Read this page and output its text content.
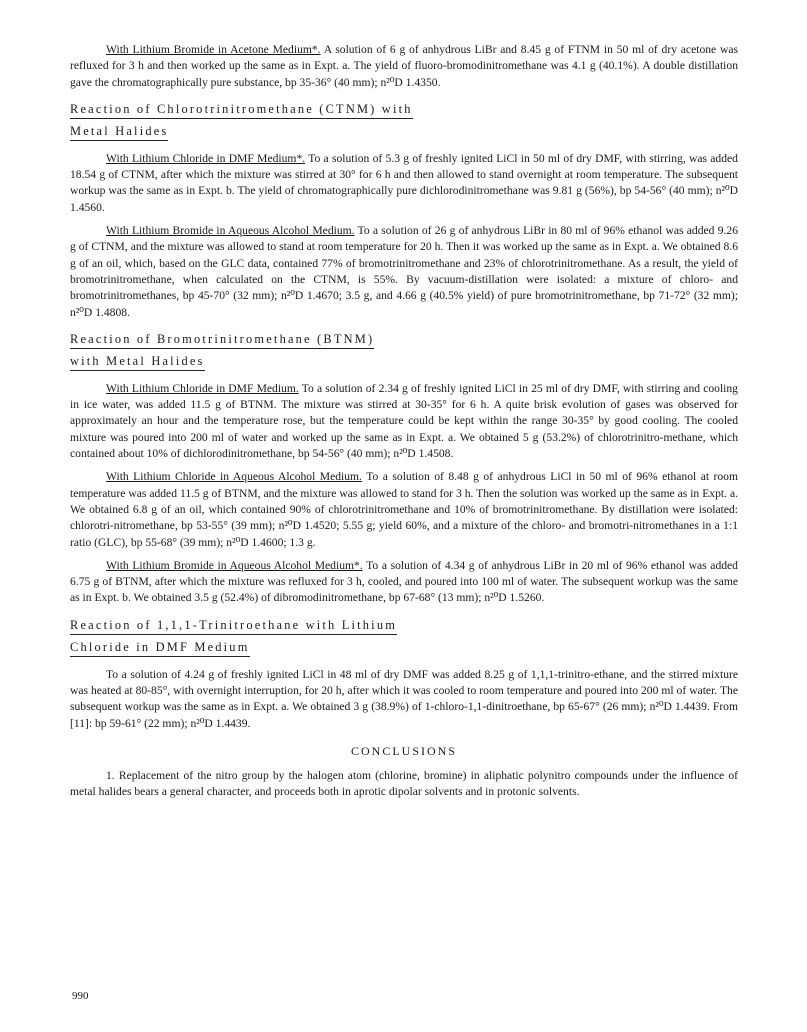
With Lithium Bromide in Acetone Medium*. A solution of 6 g of anhydrous LiBr and 8.45 g of FTNM in 50 ml of dry acetone was refluxed for 3 h and then worked up the same as in Expt. a. The yield of fluoro-bromodinitromethane was 4.1 g (40.1%). A double distillation gave the chromatographically pure substance, bp 35-36° (40 mm); n²⁰D 1.4350.

Reaction of Chlorotrinitromethane (CTNM) with
Metal Halides

With Lithium Chloride in DMF Medium*. To a solution of 5.3 g of freshly ignited LiCl in 50 ml of dry DMF, with stirring, was added 18.54 g of CTNM, after which the mixture was stirred at 30° for 6 h and then allowed to stand overnight at room temperature. The subsequent workup was the same as in Expt. b. The yield of chromatographically pure dichlorodinitromethane was 9.81 g (56%), bp 54-56° (40 mm); n²⁰D 1.4560.

With Lithium Bromide in Aqueous Alcohol Medium. To a solution of 26 g of anhydrous LiBr in 80 ml of 96% ethanol was added 9.26 g of CTNM, and the mixture was allowed to stand at room temperature for 20 h. Then it was worked up the same as in Expt. a. We obtained 8.6 g of an oil, which, based on the GLC data, contained 77% of bromotrinitromethane and 23% of chlorotrinitromethane. As a result, the yield of bromotrinitromethane, when calculated on the CTNM, is 55%. By vacuum-distillation were isolated: a mixture of chloro- and bromotrinitromethanes, bp 45-70° (32 mm); n²⁰D 1.4670; 3.5 g, and 4.66 g (40.5% yield) of pure bromotrinitromethane, bp 71-72° (32 mm); n²⁰D 1.4808.

Reaction of Bromotrinitromethane (BTNM)
with Metal Halides

With Lithium Chloride in DMF Medium. To a solution of 2.34 g of freshly ignited LiCl in 25 ml of dry DMF, with stirring and cooling in ice water, was added 11.5 g of BTNM. The mixture was stirred at 30-35° for 6 h. A quite brisk evolution of gases was observed for approximately an hour and the temperature rose, but the temperature could be kept within the range 30-35° by good cooling. The cooled mixture was poured into 200 ml of water and worked up the same as in Expt. a. We obtained 5 g (53.2%) of chlorotrinitro-methane, which contained about 10% of dichlorodinitromethane, bp 54-56° (40 mm); n²⁰D 1.4508.

With Lithium Chloride in Aqueous Alcohol Medium. To a solution of 8.48 g of anhydrous LiCl in 50 ml of 96% ethanol at room temperature was added 11.5 g of BTNM, and the mixture was allowed to stand for 3 h. Then the solution was worked up the same as in Expt. a. We obtained 6.8 g of an oil, which contained 90% of chlorotrinitromethane and 10% of bromotrinitromethane. By distillation were isolated: chlorotri-nitromethane, bp 53-55° (39 mm); n²⁰D 1.4520; 5.55 g; yield 60%, and a mixture of the chloro- and bromotri-nitromethanes in a 1:1 ratio (GLC), bp 55-68° (39 mm); n²⁰D 1.4600; 1.3 g.

With Lithium Bromide in Aqueous Alcohol Medium*. To a solution of 4.34 g of anhydrous LiBr in 20 ml of 96% ethanol was added 6.75 g of BTNM, after which the mixture was refluxed for 3 h, cooled, and poured into 100 ml of water. The subsequent workup was the same as in Expt. b. We obtained 3.5 g (52.4%) of dibromodinitromethane, bp 67-68° (13 mm); n²⁰D 1.5260.

Reaction of 1,1,1-Trinitroethane with Lithium
Chloride in DMF Medium

To a solution of 4.24 g of freshly ignited LiCl in 48 ml of dry DMF was added 8.25 g of 1,1,1-trinitro-ethane, and the stirred mixture was heated at 80-85°, with overnight interruption, for 20 h, after which it was cooled to room temperature and poured into 200 ml of water. The subsequent workup was the same as in Expt. a. We obtained 3 g (38.9%) of 1-chloro-1,1-dinitroethane, bp 65-67° (26 mm); n²⁰D 1.4439. From [11]: bp 59-61° (22 mm); n²⁰D 1.4439.

CONCLUSIONS

1. Replacement of the nitro group by the halogen atom (chlorine, bromine) in aliphatic polynitro compounds under the influence of metal halides bears a general character, and proceeds both in aprotic dipolar solvents and in protonic solvents.

990
